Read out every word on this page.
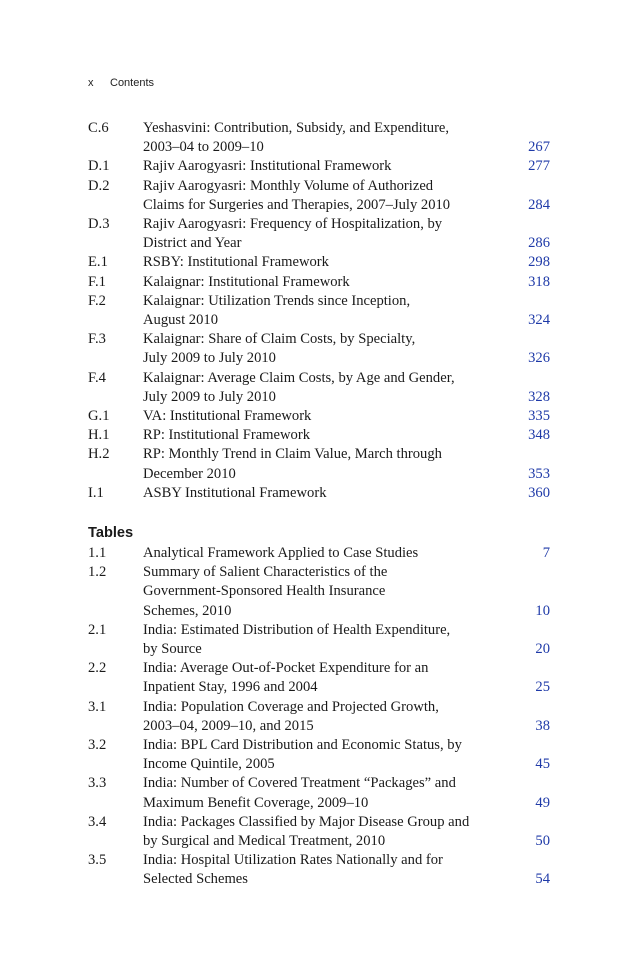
x Contents
C.6	Yeshasvini: Contribution, Subsidy, and Expenditure,
2003–04 to 2009–10	267
D.1	Rajiv Aarogyasri: Institutional Framework	277
D.2	Rajiv Aarogyasri: Monthly Volume of Authorized
Claims for Surgeries and Therapies, 2007–July 2010	284
D.3	Rajiv Aarogyasri: Frequency of Hospitalization, by
District and Year	286
E.1	RSBY: Institutional Framework	298
F.1	Kalaignar: Institutional Framework	318
F.2	Kalaignar: Utilization Trends since Inception,
August 2010	324
F.3	Kalaignar: Share of Claim Costs, by Specialty,
July 2009 to July 2010	326
F.4	Kalaignar: Average Claim Costs, by Age and Gender,
July 2009 to July 2010	328
G.1	VA: Institutional Framework	335
H.1	RP: Institutional Framework	348
H.2	RP: Monthly Trend in Claim Value, March through
December 2010	353
I.1	ASBY Institutional Framework	360
Tables
1.1	Analytical Framework Applied to Case Studies	7
1.2	Summary of Salient Characteristics of the
Government-Sponsored Health Insurance
Schemes, 2010	10
2.1	India: Estimated Distribution of Health Expenditure,
by Source	20
2.2	India: Average Out-of-Pocket Expenditure for an
Inpatient Stay, 1996 and 2004	25
3.1	India: Population Coverage and Projected Growth,
2003–04, 2009–10, and 2015	38
3.2	India: BPL Card Distribution and Economic Status, by
Income Quintile, 2005	45
3.3	India: Number of Covered Treatment “Packages” and
Maximum Benefit Coverage, 2009–10	49
3.4	India: Packages Classified by Major Disease Group and
by Surgical and Medical Treatment, 2010	50
3.5	India: Hospital Utilization Rates Nationally and for
Selected Schemes	54
